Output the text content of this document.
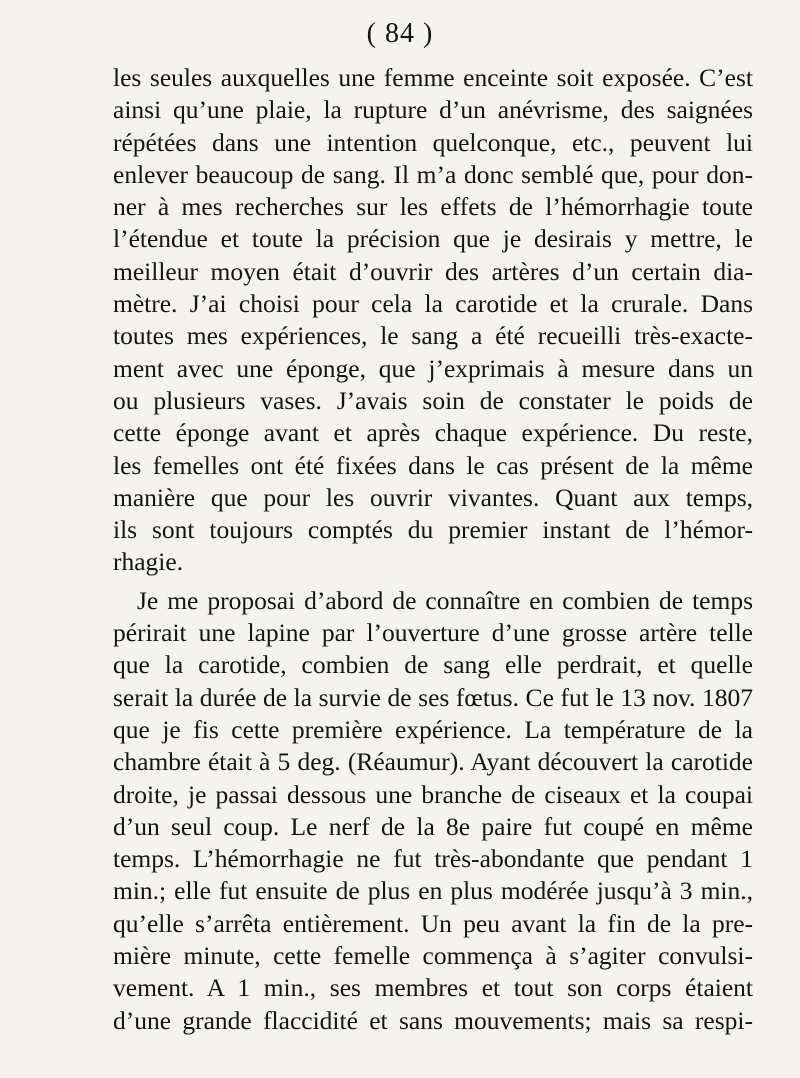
( 84 )
les seules auxquelles une femme enceinte soit exposée. C’est
ainsi qu’une plaie, la rupture d’un anévrisme, des saignées
répétées dans une intention quelconque, etc., peuvent lui
enlever beaucoup de sang. Il m’a donc semblé que, pour don-
ner à mes recherches sur les effets de l’hémorrhagie toute
l’étendue et toute la précision que je desirais y mettre, le
meilleur moyen était d’ouvrir des artères d’un certain dia-
mètre. J’ai choisi pour cela la carotide et la crurale. Dans
toutes mes expériences, le sang a été recueilli très-exacte-
ment avec une éponge, que j’exprimais à mesure dans un
ou plusieurs vases. J’avais soin de constater le poids de
cette éponge avant et après chaque expérience. Du reste,
les femelles ont été fixées dans le cas présent de la même
manière que pour les ouvrir vivantes. Quant aux temps,
ils sont toujours comptés du premier instant de l’hémor-
rhagie.
Je me proposai d’abord de connaître en combien de temps
périrait une lapine par l’ouverture d’une grosse artère telle
que la carotide, combien de sang elle perdrait, et quelle
serait la durée de la survie de ses fœtus. Ce fut le 13 nov. 1807
que je fis cette première expérience. La température de la
chambre était à 5 deg. (Réaumur). Ayant découvert la carotide
droite, je passai dessous une branche de ciseaux et la coupai
d’un seul coup. Le nerf de la 8e paire fut coupé en même
temps. L’hémorrhagie ne fut très-abondante que pendant 1
min.; elle fut ensuite de plus en plus modérée jusqu’à 3 min.,
qu’elle s’arrêta entièrement. Un peu avant la fin de la pre-
mière minute, cette femelle commença à s’agiter convulsi-
vement. A 1 min., ses membres et tout son corps étaient
d’une grande flaccidité et sans mouvements; mais sa respi-
